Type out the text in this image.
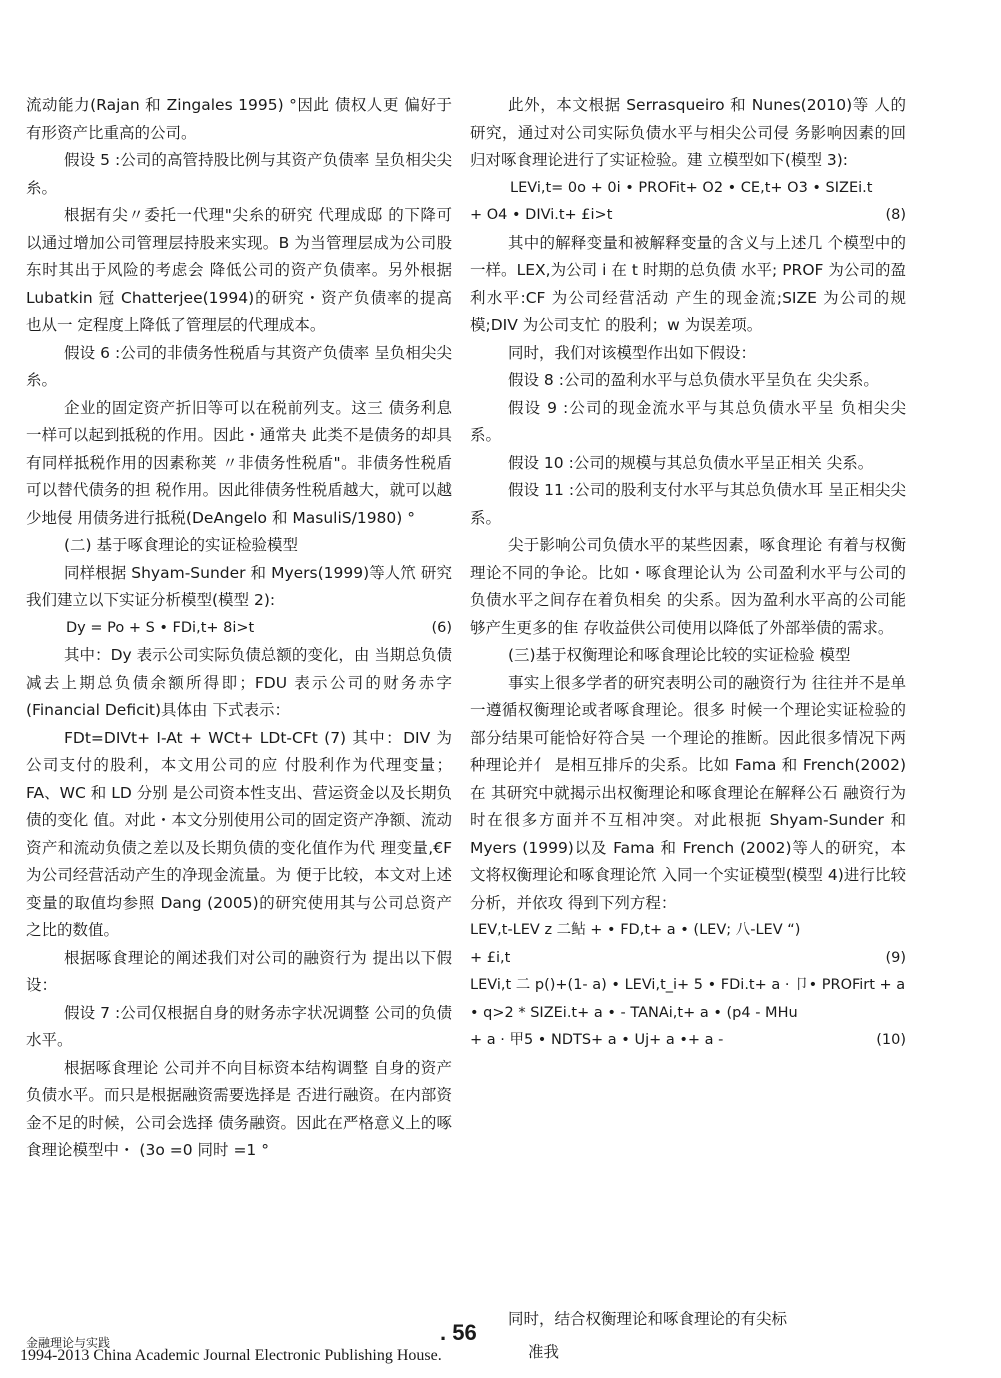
流动能力(Rajan 和 Zingales 1995) °因此 债权人更 偏好于有形资产比重高的公司。

假设 5 :公司的高管持股比例与其资产负债率 呈负相尖尖糸。

根据有尖〃委托一代理"尖糸的研究 代理成邸 的下降可以通过增加公司管理层持股来实现。B 为当管理层成为公司股东时其出于风险的考虑会 降低公司的资产负债率。另外根据 Lubatkin 冠 Chatterjee(1994)的研究・资产负债率的提高也从一 定程度上降低了管理层的代理成本。

假设 6 :公司的非债务性税盾与其资产负债率 呈负相尖尖糸。

企业的固定资产折旧等可以在税前列支。这三 债务利息一样可以起到抵税的作用。因此・通常夬 此类不是债务的却具有同样抵税作用的因素称荚 〃非债务性税盾"。非债务性税盾可以替代债务的担 税作用。因此徘债务性税盾越大，就可以越少地侵 用债务进行抵税(DeAngelo 和 MasuliS/1980) °

(二) 基于啄食理论的实证检验模型

同样根据 Shyam-Sunder 和 Myers(1999)等人笊 研究我们建立以下实证分析模型(模型 2):

Dy = Po + S • FDi,t+ 8i>t	(6)

其中：Dy 表示公司实际负债总额的变化，由 当期总负债减去上期总负债余额所得即；FDU 表示公司的财务赤字(Financial Deficit)具体由 下式表示：

FDt=DIVt+ I-At + WCt+ LDt-CFt (7) 其中：DIV 为公司支付的股利，本文用公司的应 付股利作为代理变量；FA、WC 和 LD 分别 是公司资本性支出、营运资金以及长期负债的变化 值。对此・本文分别使用公司的固定资产净额、流动 资产和流动负债之差以及长期负债的变化值作为代 理变量,€F 为公司经营活动产生的净现金流量。为 便于比较，本文对上述变量的取值均参照 Dang (2005)的研究使用其与公司总资产之比的数值。

根据啄食理论的阐述我们对公司的融资行为 提出以下假设：

假设 7 :公司仅根据自身的财务赤字状况调整 公司的负债水平。

根据啄食理论 公司并不向目标资本结构调整 自身的资产负债水平。而只是根据融资需要选择是 否进行融资。在内部资金不足的时候，公司会选择 债务融资。因此在严格意义上的啄食理论模型中・ (3o =0 同时 =1 °

此外，本文根据 Serrasqueiro 和 Nunes(2010)等 人的研究，通过对公司实际负债水平与相尖公司侵 务影响因素的回归对啄食理论进行了实证检验。建 立模型如下(模型 3):

LEVi,t= 0o + 0i • PROFit+ O2 • CE,t+ O3 • SIZEi.t

+ O4 • DIVi.t+ £i>t	(8)

其中的解释变量和被解释变量的含义与上述几 个模型中的一样。LEX,为公司 i 在 t 时期的总负债 水平; PROF 为公司的盈利水平:CF 为公司经营活动 产生的现金流;SIZE 为公司的规模;DIV 为公司支忙 的股利；w 为误差项。

同时，我们对该模型作出如下假设：

假设 8 :公司的盈利水平与总负债水平呈负在 尖尖系。

假设 9 :公司的现金流水平与其总负债水平呈 负相尖尖系。

假设 10 :公司的规模与其总负债水平呈正相关 尖系。

假设 11 :公司的股利支付水平与其总负债水耳 呈正相尖尖系。

尖于影响公司负债水平的某些因素，啄食理论 有着与权衡理论不同的争论。比如・啄食理论认为 公司盈利水平与公司的负债水平之间存在着负相矣 的尖系。因为盈利水平高的公司能够产生更多的隹 存收益供公司使用以降低了外部举债的需求。

(三)基于权衡理论和啄食理论比较的实证检验 模型

事实上很多学者的研究表明公司的融资行为 往往并不是单一遵循权衡理论或者啄食理论。很多 时候一个理论实证检验的部分结果可能恰好符合吴 一个理论的推断。因此很多情况下两种理论并亻 是相互排斥的尖系。比如 Fama 和 French(2002)在 其研究中就揭示出权衡理论和啄食理论在解释公石 融资行为时在很多方面并不互相冲突。对此根扼 Shyam-Sunder 和 Myers (1999)以及 Fama 和 French (2002)等人的研究，本文将权衡理论和啄食理论笊 入同一个实证模型(模型 4)进行比较分析，并依攻 得到下列方程：

LEV,t-LEV z 二鲇 + • FD,t+ a • (LEV; 八-LEV “)

+ £i,t	(9)

LEVi,t 二 p()+(1- a) • LEVi,t_i+ 5 • FDi.t+ a · 卩• PROFirt + a

• q>2 * SIZEi.t+ a • - TANAi,t+ a • (p4 - MHu

+ a · 甲5 • NDTS+ a • Uj+ a •+ a -	(10)

同时，结合权衡理论和啄食理论的有尖标
金融理论与实践	. 56
1994-2013 China Academic Journal Electronic Publishing House.	准我
